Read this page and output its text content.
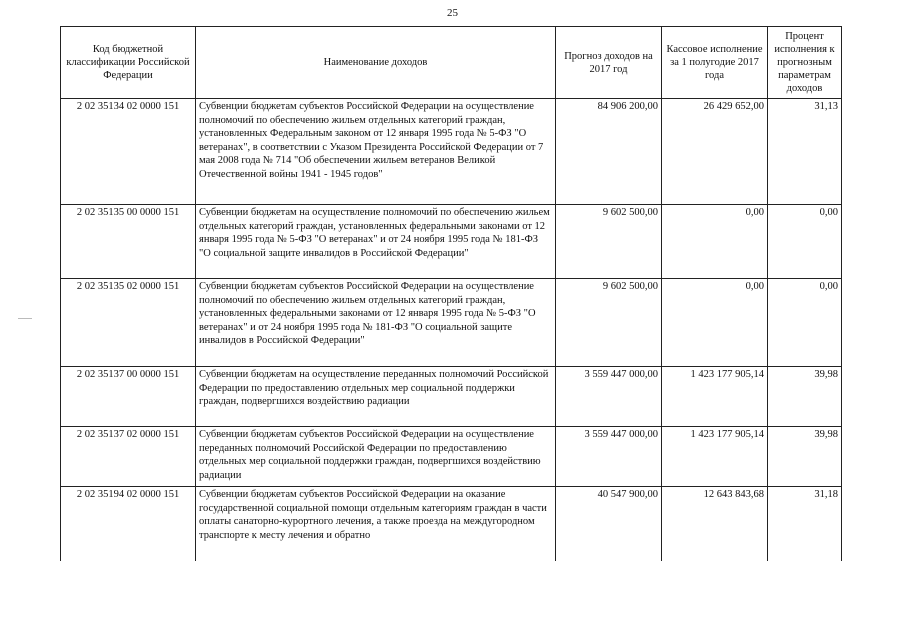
25
Код бюджетной классификации Российской Федерации	Наименование доходов	Прогноз доходов на 2017 год	Кассовое исполнение за 1 полугодие 2017 года	Процент исполнения к прогнозным параметрам доходов
2 02 35134 02 0000 151	Субвенции бюджетам субъектов Российской Федерации на осуществление полномочий по обеспечению жильем отдельных категорий граждан, установленных Федеральным законом от 12 января 1995 года № 5-ФЗ "О ветеранах", в соответствии с Указом Президента Российской Федерации от 7 мая 2008 года № 714 "Об обеспечении жильем ветеранов Великой Отечественной войны 1941 - 1945 годов"	84 906 200,00	26 429 652,00	31,13
2 02 35135 00 0000 151	Субвенции бюджетам на осуществление полномочий по обеспечению жильем отдельных категорий граждан, установленных федеральными законами от 12 января 1995 года № 5-ФЗ "О ветеранах" и от 24 ноября 1995 года № 181-ФЗ "О социальной защите инвалидов в Российской Федерации"	9 602 500,00	0,00	0,00
2 02 35135 02 0000 151	Субвенции бюджетам субъектов Российской Федерации на осуществление полномочий по обеспечению жильем отдельных категорий граждан, установленных федеральными законами от 12 января 1995 года № 5-ФЗ "О ветеранах" и от 24 ноября 1995 года № 181-ФЗ "О социальной защите инвалидов в Российской Федерации"	9 602 500,00	0,00	0,00
2 02 35137 00 0000 151	Субвенции бюджетам на осуществление переданных полномочий Российской Федерации по предоставлению отдельных мер социальной поддержки граждан, подвергшихся воздействию радиации	3 559 447 000,00	1 423 177 905,14	39,98
2 02 35137 02 0000 151	Субвенции бюджетам субъектов Российской Федерации на осуществление переданных полномочий Российской Федерации по предоставлению отдельных мер социальной поддержки граждан, подвергшихся воздействию радиации	3 559 447 000,00	1 423 177 905,14	39,98
2 02 35194 02 0000 151	Субвенции бюджетам субъектов Российской Федерации на оказание государственной социальной помощи отдельным категориям граждан в части оплаты санаторно-курортного лечения, а также проезда на междугородном транспорте к месту лечения и обратно	40 547 900,00	12 643 843,68	31,18
